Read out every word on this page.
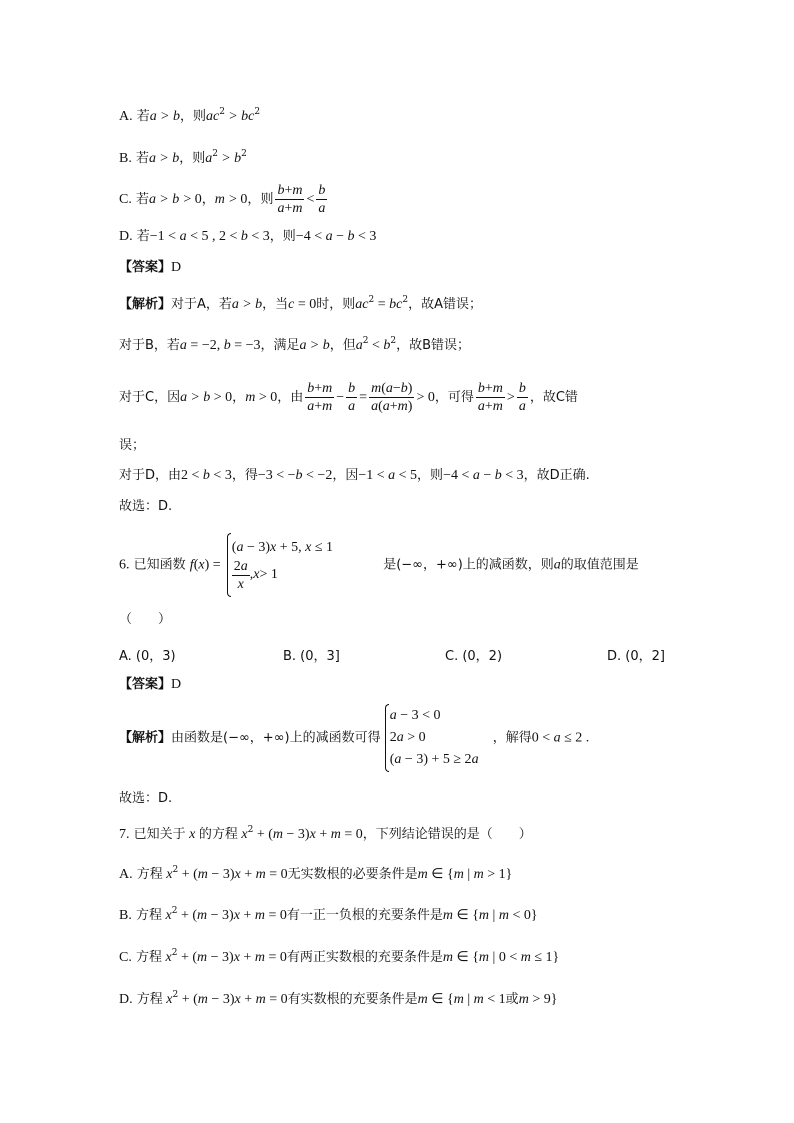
A. 若a > b，则$ac^2 > bc^2$
B. 若a > b，则$a^2 > b^2$
C. 若a > b > 0，m > 0，则 $\frac{b+m}{a+m} < \frac{b}{a}$
D. 若−1 < a < 5 , 2 < b < 3，则−4 < a − b < 3
【答案】D
【解析】对于A，若a > b，当c = 0时，则$ac^2 = bc^2$，故A错误；
对于B，若a = −2, b = −3，满足a > b，但$a^2 < b^2$，故B错误；
对于C，因a > b > 0，m > 0，由 $\frac{b+m}{a+m} - \frac{b}{a} = \frac{m(a-b)}{a(a+m)} > 0$，可得 $\frac{b+m}{a+m} > \frac{b}{a}$ ，故C错
误；
对于D，由2 < b < 3，得−3 < −b < −2，因−1 < a < 5，则−4 < a − b < 3，故D正确.
故选：D.
6. 已知函数 f(x) =
(a − 3)x + 5, x ≤ 1
$\frac{2a}{x}$ , x > 1
是(−∞，+∞)上的减函数，则a的取值范围是
（　　）
A. (0，3)	B. (0，3]	C. (0，2)	D. (0，2]
【答案】D
【解析】由函数是(−∞，+∞)上的减函数可得
a − 3 < 0
2a > 0
(a − 3) + 5 ≥ 2a
，解得0 < a ≤ 2 .
故选：D.
7. 已知关于 x 的方程 $x^2 + (m - 3)x + m = 0$，下列结论错误的是（　　）
A. 方程 $x^2 + (m - 3)x + m = 0$无实数根的必要条件是m ∈ {m | m > 1}
B. 方程 $x^2 + (m - 3)x + m = 0$有一正一负根的充要条件是m ∈ {m | m < 0}
C. 方程 $x^2 + (m - 3)x + m = 0$有两正实数根的充要条件是m ∈ {m | 0 < m ≤ 1}
D. 方程 $x^2 + (m - 3)x + m = 0$有实数根的充要条件是m ∈ {m | m < 1或m > 9}
